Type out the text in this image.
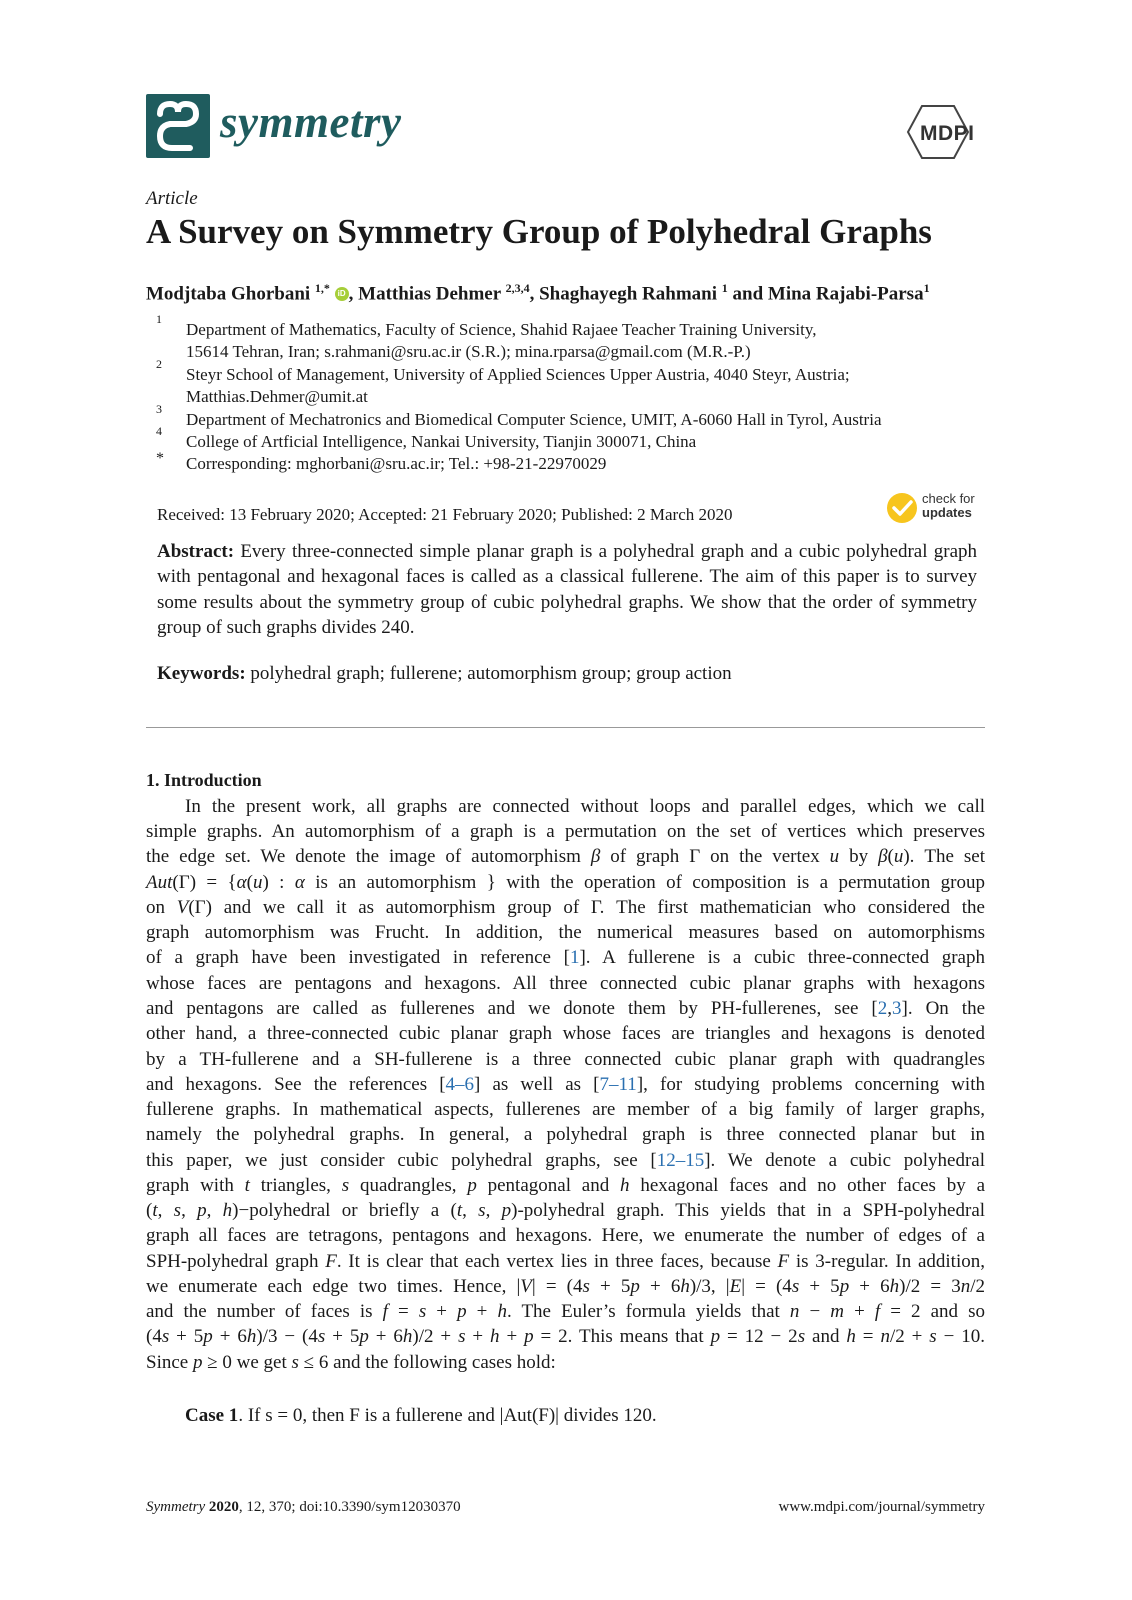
symmetry	MDPI
Article
A Survey on Symmetry Group of Polyhedral Graphs
Modjtaba Ghorbani $^{1,*}$ iD , Matthias Dehmer $^{2,3,4}$, Shaghayegh Rahmani $^1$ and Mina Rajabi-Parsa$^1$
1
Department of Mathematics, Faculty of Science, Shahid Rajaee Teacher Training University,
15614 Tehran, Iran; s.rahmani@sru.ac.ir (S.R.); mina.rparsa@gmail.com (M.R.-P.)
2
Steyr School of Management, University of Applied Sciences Upper Austria, 4040 Steyr, Austria;
Matthias.Dehmer@umit.at
3
Department of Mechatronics and Biomedical Computer Science, UMIT, A-6060 Hall in Tyrol, Austria
4
College of Artficial Intelligence, Nankai University, Tianjin 300071, China
* Corresponding: mghorbani@sru.ac.ir; Tel.: +98-21-22970029
Received: 13 February 2020; Accepted: 21 February 2020; Published: 2 March 2020
check for
updates
Abstract: Every three-connected simple planar graph is a polyhedral graph and a cubic polyhedral graph with pentagonal and hexagonal faces is called as a classical fullerene. The aim of this paper is to survey some results about the symmetry group of cubic polyhedral graphs. We show that the order of symmetry group of such graphs divides 240.
Keywords: polyhedral graph; fullerene; automorphism group; group action
1. Introduction
In the present work, all graphs are connected without loops and parallel edges, which we call
simple graphs. An automorphism of a graph is a permutation on the set of vertices which preserves
the edge set. We denote the image of automorphism β of graph Γ on the vertex u by β(u). The set
Aut(Γ) = {α(u) : α is an automorphism } with the operation of composition is a permutation group
on V(Γ) and we call it as automorphism group of Γ. The first mathematician who considered the
graph automorphism was Frucht. In addition, the numerical measures based on automorphisms
of a graph have been investigated in reference [1]. A fullerene is a cubic three-connected graph
whose faces are pentagons and hexagons. All three connected cubic planar graphs with hexagons
and pentagons are called as fullerenes and we donote them by PH-fullerenes, see [2,3]. On the
other hand, a three-connected cubic planar graph whose faces are triangles and hexagons is denoted
by a TH-fullerene and a SH-fullerene is a three connected cubic planar graph with quadrangles
and hexagons. See the references [4–6] as well as [7–11], for studying problems concerning with
fullerene graphs. In mathematical aspects, fullerenes are member of a big family of larger graphs,
namely the polyhedral graphs. In general, a polyhedral graph is three connected planar but in
this paper, we just consider cubic polyhedral graphs, see [12–15]. We denote a cubic polyhedral
graph with t triangles, s quadrangles, p pentagonal and h hexagonal faces and no other faces by a
(t, s, p, h)−polyhedral or briefly a (t, s, p)-polyhedral graph. This yields that in a SPH-polyhedral
graph all faces are tetragons, pentagons and hexagons. Here, we enumerate the number of edges of a
SPH-polyhedral graph F. It is clear that each vertex lies in three faces, because F is 3-regular. In addition,
we enumerate each edge two times. Hence, |V| = (4s + 5p + 6h)/3, |E| = (4s + 5p + 6h)/2 = 3n/2
and the number of faces is f = s + p + h. The Euler’s formula yields that n − m + f = 2 and so
(4s + 5p + 6h)/3 − (4s + 5p + 6h)/2 + s + h + p = 2. This means that p = 12 − 2s and h = n/2 + s − 10.
Since p ≥ 0 we get s ≤ 6 and the following cases hold:
Case 1. If s = 0, then F is a fullerene and |Aut(F)| divides 120.
Symmetry 2020, 12, 370; doi:10.3390/sym12030370	www.mdpi.com/journal/symmetry
